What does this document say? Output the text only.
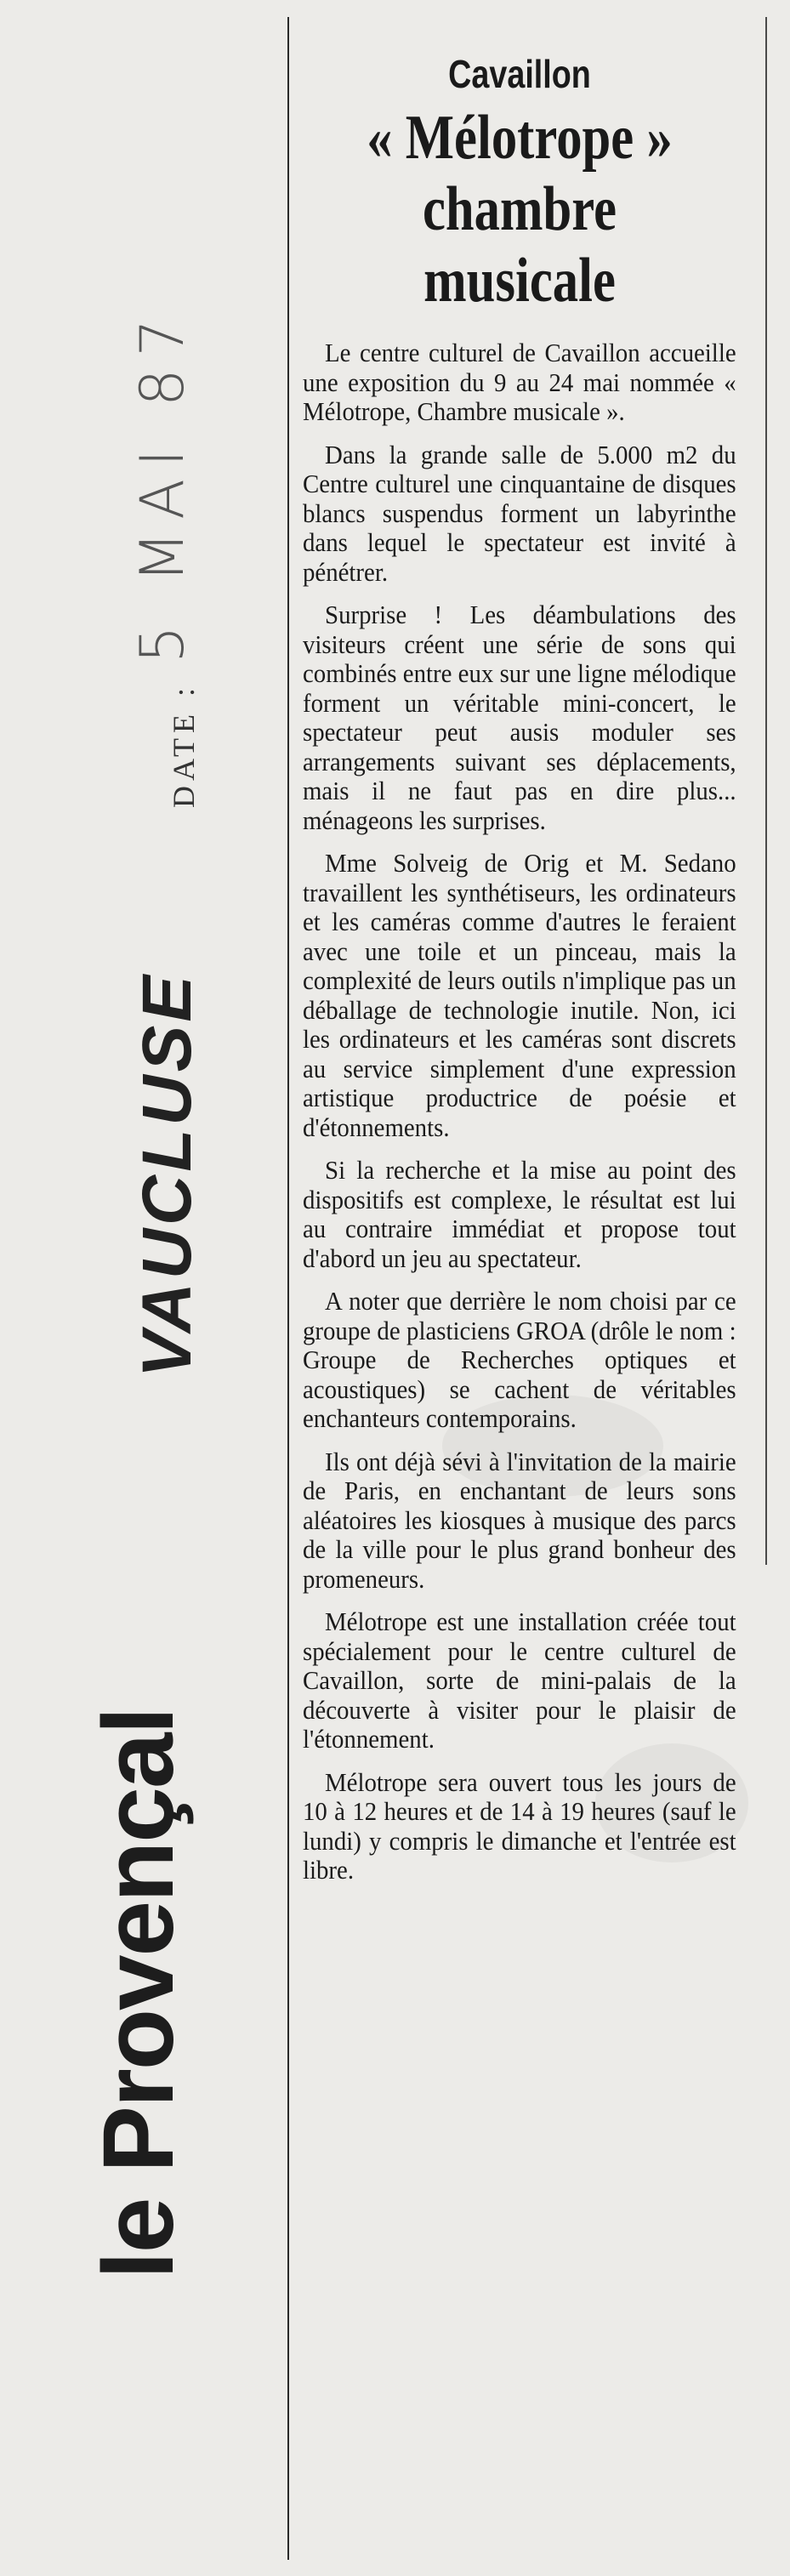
5 MAI 87
DATE :
VAUCLUSE
le Provençal
Cavaillon
« Mélotrope »
chambre musicale

Le centre culturel de Cavaillon accueille une exposition du 9 au 24 mai nommée « Mélotrope, Chambre musicale ».

Dans la grande salle de 5.000 m2 du Centre culturel une cinquantaine de disques blancs suspendus forment un labyrinthe dans lequel le spectateur est invité à pénétrer.

Surprise ! Les déambulations des visiteurs créent une série de sons qui combinés entre eux sur une ligne mélodique forment un véritable mini-concert, le spectateur peut ausis moduler ses arrangements suivant ses déplacements, mais il ne faut pas en dire plus... ménageons les surprises.

Mme Solveig de Orig et M. Sedano travaillent les synthétiseurs, les ordinateurs et les caméras comme d'autres le feraient avec une toile et un pinceau, mais la complexité de leurs outils n'implique pas un déballage de technologie inutile. Non, ici les ordinateurs et les caméras sont discrets au service simplement d'une expression artistique productrice de poésie et d'étonnements.

Si la recherche et la mise au point des dispositifs est complexe, le résultat est lui au contraire immédiat et propose tout d'abord un jeu au spectateur.

A noter que derrière le nom choisi par ce groupe de plasticiens GROA (drôle le nom : Groupe de Recherches optiques et acoustiques) se cachent de véritables enchanteurs contemporains.

Ils ont déjà sévi à l'invitation de la mairie de Paris, en enchantant de leurs sons aléatoires les kiosques à musique des parcs de la ville pour le plus grand bonheur des promeneurs.

Mélotrope est une installation créée tout spécialement pour le centre culturel de Cavaillon, sorte de mini-palais de la découverte à visiter pour le plaisir de l'étonnement.

Mélotrope sera ouvert tous les jours de 10 à 12 heures et de 14 à 19 heures (sauf le lundi) y compris le dimanche et l'entrée est libre.
